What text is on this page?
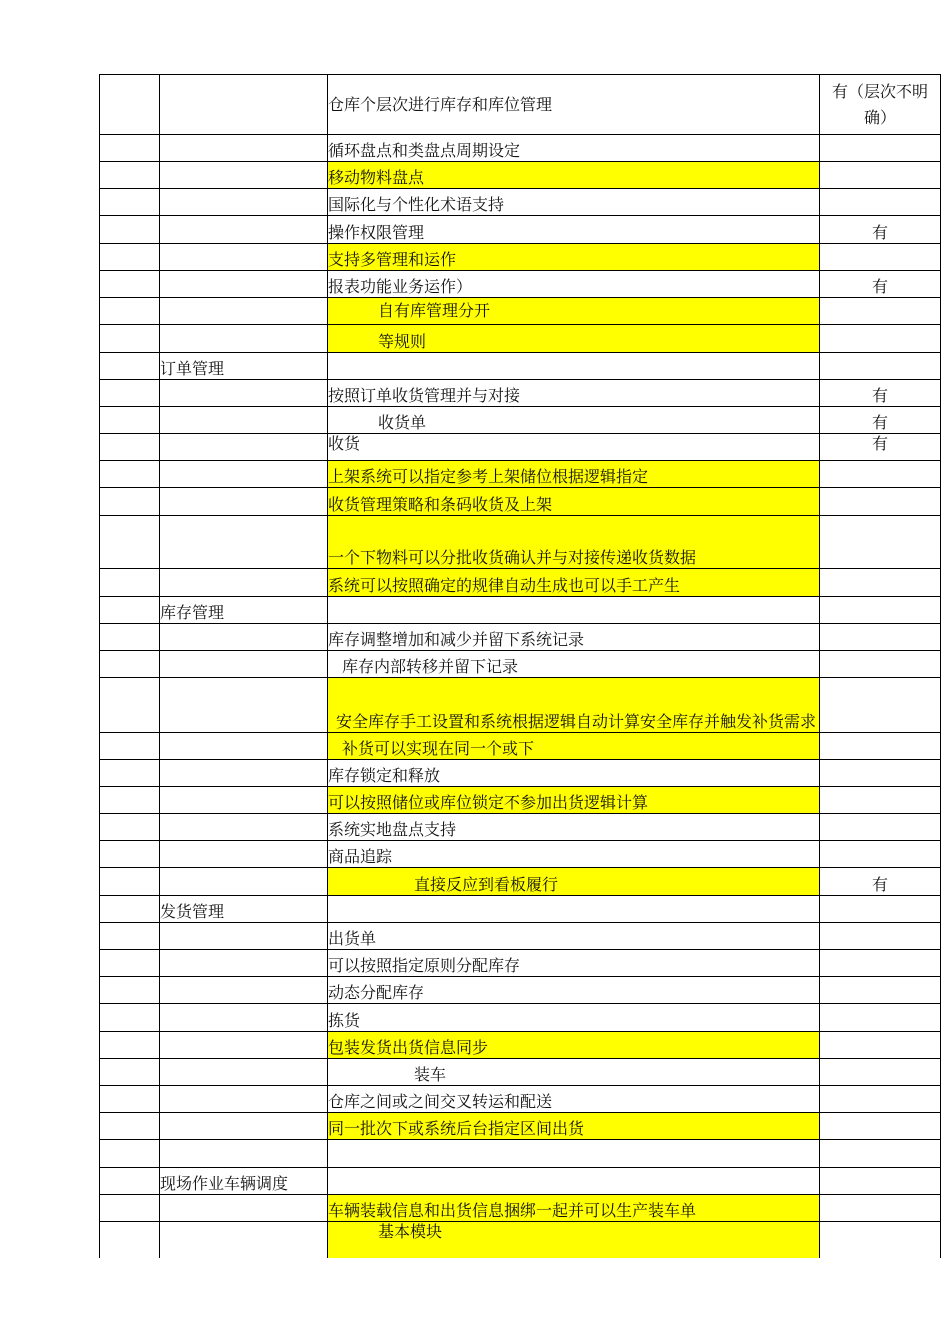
		仓库个层次进行库存和库位管理	有（层次不明确）
		循环盘点和类盘点周期设定	
		移动物料盘点	
		国际化与个性化术语支持	
		操作权限管理	有
		支持多管理和运作	
		报表功能业务运作）	有
		自有库管理分开	
		等规则	
	订单管理		
		按照订单收货管理并与对接	有
		收货单	有
		收货	有
		上架系统可以指定参考上架储位根据逻辑指定	
		收货管理策略和条码收货及上架	
		一个下物料可以分批收货确认并与对接传递收货数据	
		系统可以按照确定的规律自动生成也可以手工产生	
	库存管理		
		库存调整增加和减少并留下系统记录	
		库存内部转移并留下记录	
		安全库存手工设置和系统根据逻辑自动计算安全库存并触发补货需求	
		补货可以实现在同一个或下	
		库存锁定和释放	
		可以按照储位或库位锁定不参加出货逻辑计算	
		系统实地盘点支持	
		商品追踪	
		直接反应到看板履行	有
	发货管理		
		出货单	
		可以按照指定原则分配库存	
		动态分配库存	
		拣货	
		包装发货出货信息同步	
		装车	
		仓库之间或之间交叉转运和配送	
		同一批次下或系统后台指定区间出货	

	现场作业车辆调度		
		车辆装载信息和出货信息捆绑一起并可以生产装车单	
		基本模块	
